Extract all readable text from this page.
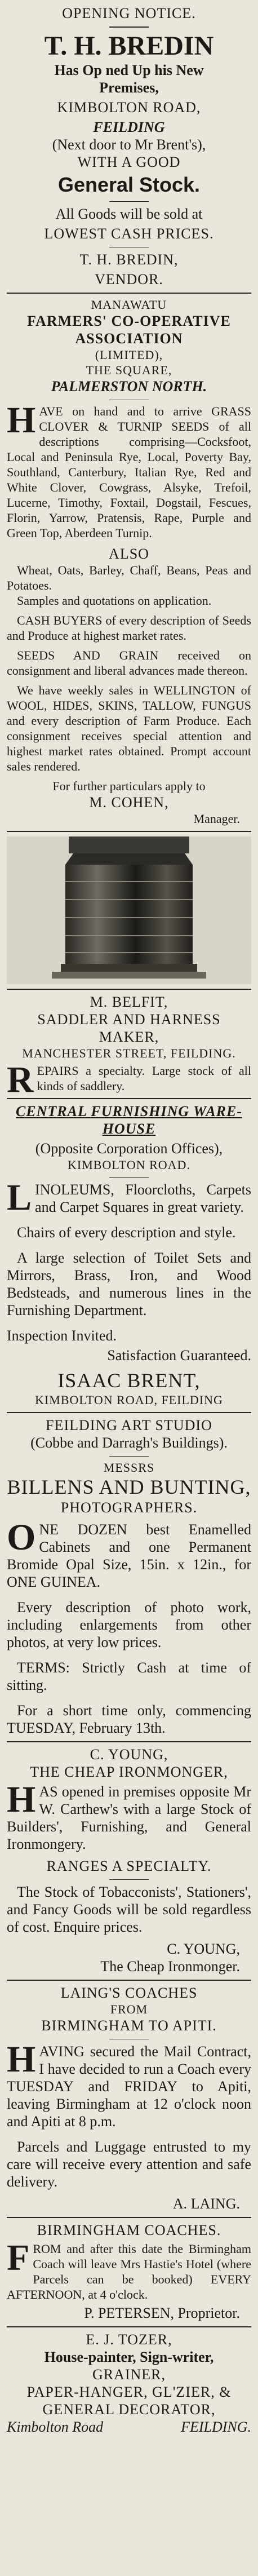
OPENING NOTICE.
T. H. BREDIN
Has Op ned Up his New
Premises,
KIMBOLTON ROAD,
FEILDING
(Next door to Mr Brent's),
WITH A GOOD
General Stock.
All Goods will be sold at
LOWEST CASH PRICES.
T. H. BREDIN,
VENDOR.
MANAWATU
FARMERS' CO-OPERATIVE
ASSOCIATION
(LIMITED),
THE SQUARE,
PALMERSTON NORTH.
HAVE on hand and to arrive GRASS CLOVER & TURNIP SEEDS of all descriptions comprising—Cocksfoot, Local and Peninsula Rye, Local, Poverty Bay, Southland, Canterbury, Italian Rye, Red and White Clover, Cowgrass, Alsyke, Trefoil, Lucerne, Timothy, Foxtail, Dogstail, Fescues, Florin, Yarrow, Pratensis, Rape, Purple and Green Top, Aberdeen Turnip.
ALSO

Wheat, Oats, Barley, Chaff, Beans, Peas and Potatoes.

Samples and quotations on application.

CASH BUYERS of every description of Seeds and Produce at highest market rates.

SEEDS AND GRAIN received on consignment and liberal advances made thereon.

We have weekly sales in WELLINGTON of WOOL, HIDES, SKINS, TALLOW, FUNGUS and every description of Farm Produce. Each consignment receives special attention and highest market rates obtained. Prompt account sales rendered.

For further particulars apply to

M. COHEN,
Manager.
M. BELFIT,
SADDLER AND HARNESS MAKER,
MANCHESTER STREET, FEILDING.
REPAIRS a specialty. Large stock of all kinds of saddlery.
CENTRAL FURNISHING WARE-
HOUSE
(Opposite Corporation Offices),
KIMBOLTON ROAD.
LINOLEUMS, Floorcloths, Carpets and Carpet Squares in great variety.

Chairs of every description and style.

A large selection of Toilet Sets and Mirrors, Brass, Iron, and Wood Bedsteads, and numerous lines in the Furnishing Department.

Inspection Invited.

Satisfaction Guaranteed.

ISAAC BRENT,
KIMBOLTON ROAD, FEILDING
FEILDING ART STUDIO
(Cobbe and Darragh's Buildings).
MESSRS
BILLENS AND BUNTING,
PHOTOGRAPHERS.
ONE DOZEN best Enamelled Cabinets and one Permanent Bromide Opal Size, 15in. x 12in., for ONE GUINEA.

Every description of photo work, including enlargements from other photos, at very low prices.

TERMS: Strictly Cash at time of sitting.

For a short time only, commencing TUESDAY, February 13th.

C. YOUNG,
THE CHEAP IRONMONGER,
HAS opened in premises opposite Mr W. Carthew's with a large Stock of Builders', Furnishing, and General Ironmongery.
RANGES A SPECIALTY.

The Stock of Tobacconists', Stationers', and Fancy Goods will be sold regardless of cost. Enquire prices.

C. YOUNG,
The Cheap Ironmonger.
LAING'S COACHES
FROM
BIRMINGHAM TO APITI.
HAVING secured the Mail Contract, I have decided to run a Coach every TUESDAY and FRIDAY to Apiti, leaving Birmingham at 12 o'clock noon and Apiti at 8 p.m.

Parcels and Luggage entrusted to my care will receive every attention and safe delivery.

A. LAING.
BIRMINGHAM COACHES.
FROM and after this date the Birmingham Coach will leave Mrs Hastie's Hotel (where Parcels can be booked) EVERY AFTERNOON, at 4 o'clock.
P. PETERSEN, Proprietor.
E. J. TOZER,
House-painter, Sign-writer,
GRAINER,
PAPER-HANGER, GL'ZIER, &
GENERAL DECORATOR,
Kimbolton Road	FEILDING.
